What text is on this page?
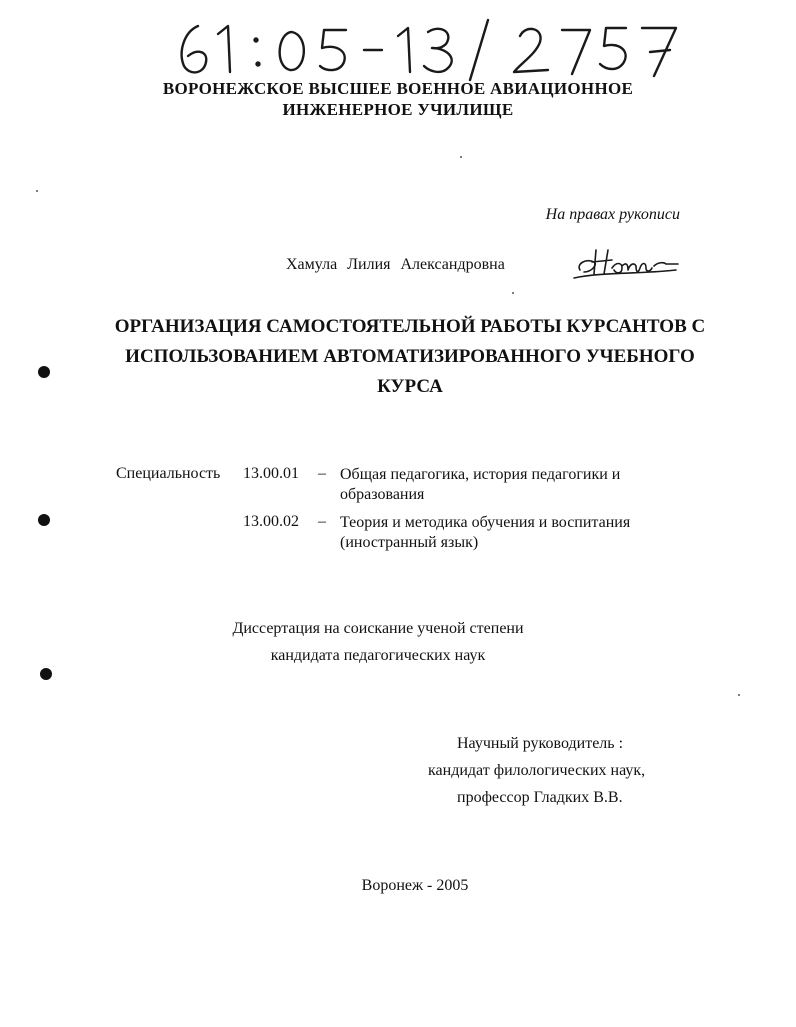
ВОРОНЕЖСКОЕ ВЫСШЕЕ ВОЕННОЕ АВИАЦИОННОЕ
ИНЖЕНЕРНОЕ УЧИЛИЩЕ
На правах рукописи
Хамула Лилия Александровна
ОРГАНИЗАЦИЯ САМОСТОЯТЕЛЬНОЙ РАБОТЫ КУРСАНТОВ С
ИСПОЛЬЗОВАНИЕМ АВТОМАТИЗИРОВАННОГО УЧЕБНОГО
КУРСА
Специальность 13.00.01 – Общая педагогика, история педагогики и
образования
13.00.02 – Теория и методика обучения и воспитания
(иностранный язык)
Диссертация на соискание ученой степени
кандидата педагогических наук
Научный руководитель :
кандидат филологических наук,
профессор Гладких В.В.
Воронеж - 2005
